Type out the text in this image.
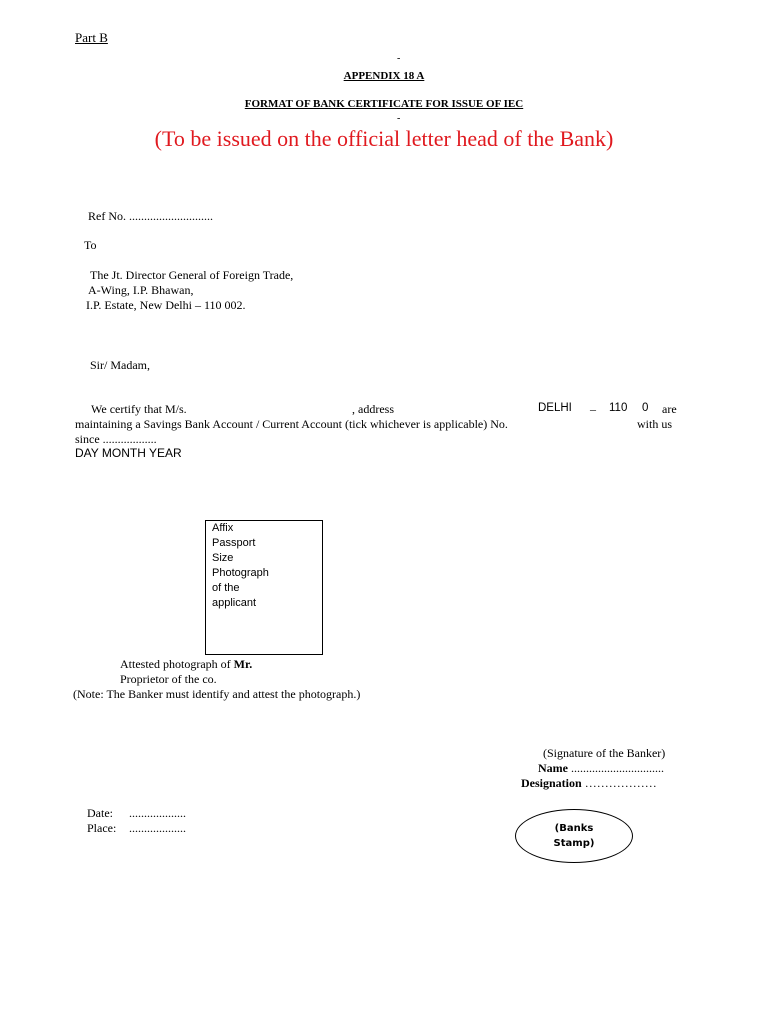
Part B
-
APPENDIX 18 A
FORMAT OF BANK CERTIFICATE FOR ISSUE OF IEC
-
(To be issued on the official letter head of the Bank)
Ref No. ............................
To
The Jt. Director General of Foreign Trade,
A-Wing, I.P. Bhawan,
I.P. Estate, New Delhi – 110 002.
Sir/ Madam,
We certify that M/s.	, address	DELHI – 110 0 are
maintaining a Savings Bank Account / Current Account (tick whichever is applicable) No.	with us
since ..................
DAY MONTH YEAR
Affix
Passport
Size
Photograph
of the
applicant
Attested photograph of Mr.
Proprietor of the co.
(Note: The Banker must identify and attest the photograph.)
(Signature of the Banker)
Name ...............................
Designation ………………
Date: ...................
Place: ...................	(Banks
Stamp)
